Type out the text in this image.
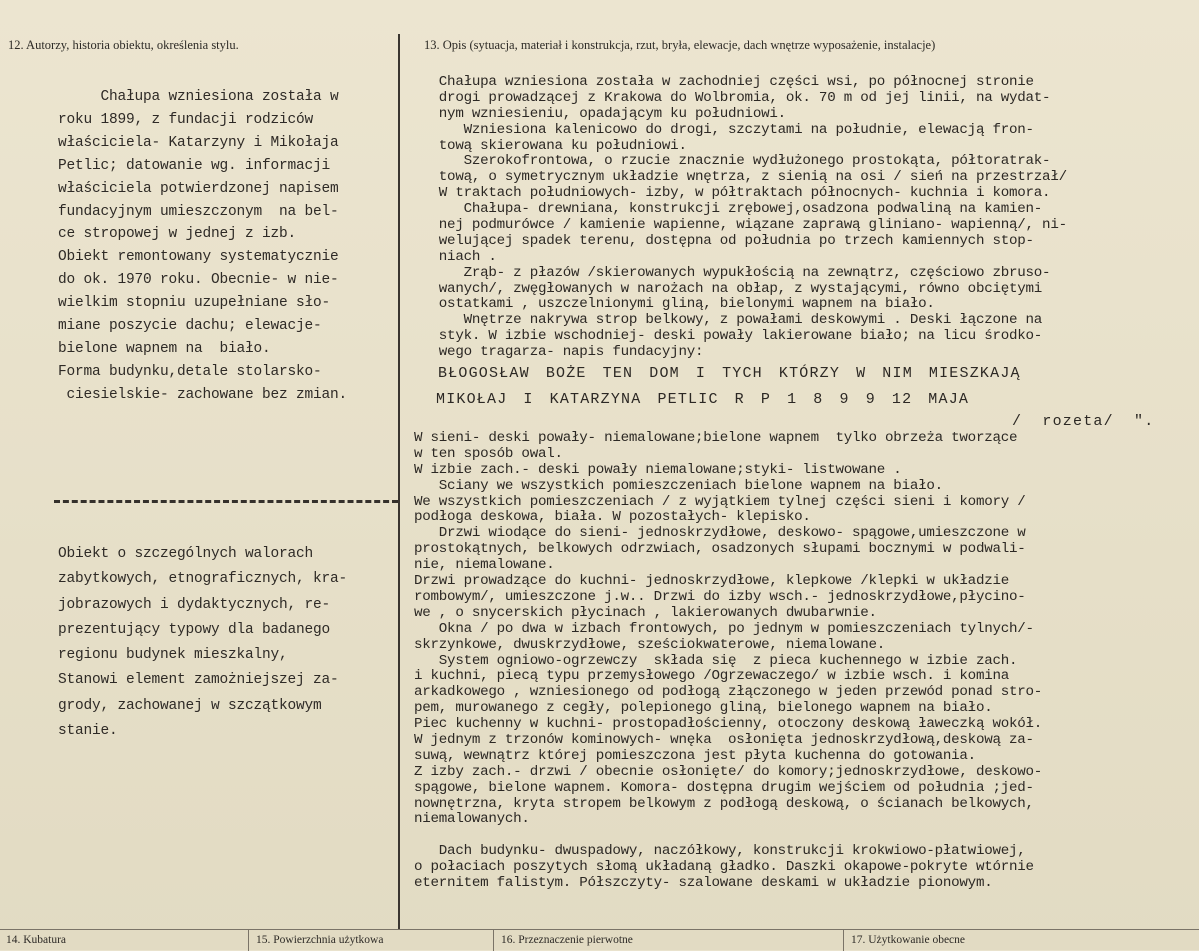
12. Autorzy, historia obiektu, określenia stylu.	13. Opis (sytuacja, materiał i konstrukcja, rzut, bryła, elewacje, dach wnętrze wyposażenie, instalacje)
Chałupa wzniesiona została w
roku 1899, z fundacji rodziców
właściciela- Katarzyny i Mikołaja
Petlic; datowanie wg. informacji
właściciela potwierdzonej napisem
fundacyjnym umieszczonym  na bel-
ce stropowej w jednej z izb.
Obiekt remontowany systematycznie
do ok. 1970 roku. Obecnie- w nie-
wielkim stopniu uzupełniane sło-
miane poszycie dachu; elewacje-
bielone wapnem na  biało.
Forma budynku,detale stolarsko-
ciesielskie- zachowane bez zmian.
Obiekt o szczególnych walorach
zabytkowych, etnograficznych, kra-
jobrazowych i dydaktycznych, re-
prezentujący typowy dla badanego
regionu budynek mieszkalny,
Stanowi element zamożniejszej za-
grody, zachowanej w szczątkowym
stanie.
Chałupa wzniesiona została w zachodniej części wsi, po północnej stronie
drogi prowadzącej z Krakowa do Wolbromia, ok. 70 m od jej linii, na wydat-
nym wzniesieniu, opadającym ku południowi.
Wzniesiona kalenicowo do drogi, szczytami na południe, elewacją fron-
tową skierowana ku południowi.
Szerokofrontowa, o rzucie znacznie wydłużonego prostokąta, półtoratrak-
tową, o symetrycznym układzie wnętrza, z sienią na osi / sień na przestrzał/
W traktach południowych- izby, w półtraktach północnych- kuchnia i komora.
Chałupa- drewniana, konstrukcji zrębowej,osadzona podwaliną na kamien-
nej podmurówce / kamienie wapienne, wiązane zaprawą gliniano- wapienną/, ni-
welującej spadek terenu, dostępna od południa po trzech kamiennych stop-
niach .
Zrąb- z płazów /skierowanych wypukłością na zewnątrz, częściowo zbruso-
wanych/, zwęgłowanych w narożach na obłap, z wystającymi, równo obciętymi
ostatkami , uszczelnionymi gliną, bielonymi wapnem na biało.
Wnętrze nakrywa strop belkowy, z powałami deskowymi . Deski łączone na
styk. W izbie wschodniej- deski powały lakierowane biało; na licu środko-
wego tragarza- napis fundacyjny:
BŁOGOSŁAW BOŻE TEN DOM I TYCH KTÓRZY W NIM MIESZKAJĄ
MIKOŁAJ I KATARZYNA PETLIC R P 1 8 9 9 12 MAJA
/ rozeta/ ".
W sieni- deski powały- niemalowane;bielone wapnem  tylko obrzeża tworzące
w ten sposób owal.
W izbie zach.- deski powały niemalowane;styki- listwowane .
Ściany we wszystkich pomieszczeniach bielone wapnem na biało.
We wszystkich pomieszczeniach / z wyjątkiem tylnej części sieni i komory /
podłoga deskowa, biała. W pozostałych- klepisko.
Drzwi wiodące do sieni- jednoskrzydłowe, deskowo- spągowe,umieszczone w
prostokątnych, belkowych odrzwiach, osadzonych słupami bocznymi w podwali-
nie, niemalowane.
Drzwi prowadzące do kuchni- jednoskrzydłowe, klepkowe /klepki w układzie
rombowym/, umieszczone j.w.. Drzwi do izby wsch.- jednoskrzydłowe,płycino-
we , o snycerskich płycinach , lakierowanych dwubarwnie.
Okna / po dwa w izbach frontowych, po jednym w pomieszczeniach tylnych/-
skrzynkowe, dwuskrzydłowe, sześciokwaterowe, niemalowane.
System ogniowo-ogrzewczy  składa się  z pieca kuchennego w izbie zach.
i kuchni, piecą typu przemysłowego /Ogrzewaczego/ w izbie wsch. i komina
arkadkowego , wzniesionego od podłogą złączonego w jeden przewód ponad stro-
pem, murowanego z cegły, polepionego gliną, bielonego wapnem na biało.
Piec kuchenny w kuchni- prostopadłościenny, otoczony deskową ławeczką wokół.
W jednym z trzonów kominowych- wnęka  osłonięta jednoskrzydłową,deskową za-
suwą, wewnątrz której pomieszczona jest płyta kuchenna do gotowania.
Z izby zach.- drzwi / obecnie osłonięte/ do komory;jednoskrzydłowe, deskowo-
spągowe, bielone wapnem. Komora- dostępna drugim wejściem od południa ;jed-
nownętrzna, kryta stropem belkowym z podłogą deskową, o ścianach belkowych,
niemalowanych.

Dach budynku- dwuspadowy, naczółkowy, konstrukcji krokwiowo-płatwiowej,
o połaciach poszytych słomą układaną gładko. Daszki okapowe-pokryte wtórnie
eternitem falistym. Półszczyty- szalowane deskami w układzie pionowym.
14. Kubatura	15. Powierzchnia użytkowa	16. Przeznaczenie pierwotne	17. Użytkowanie obecne
